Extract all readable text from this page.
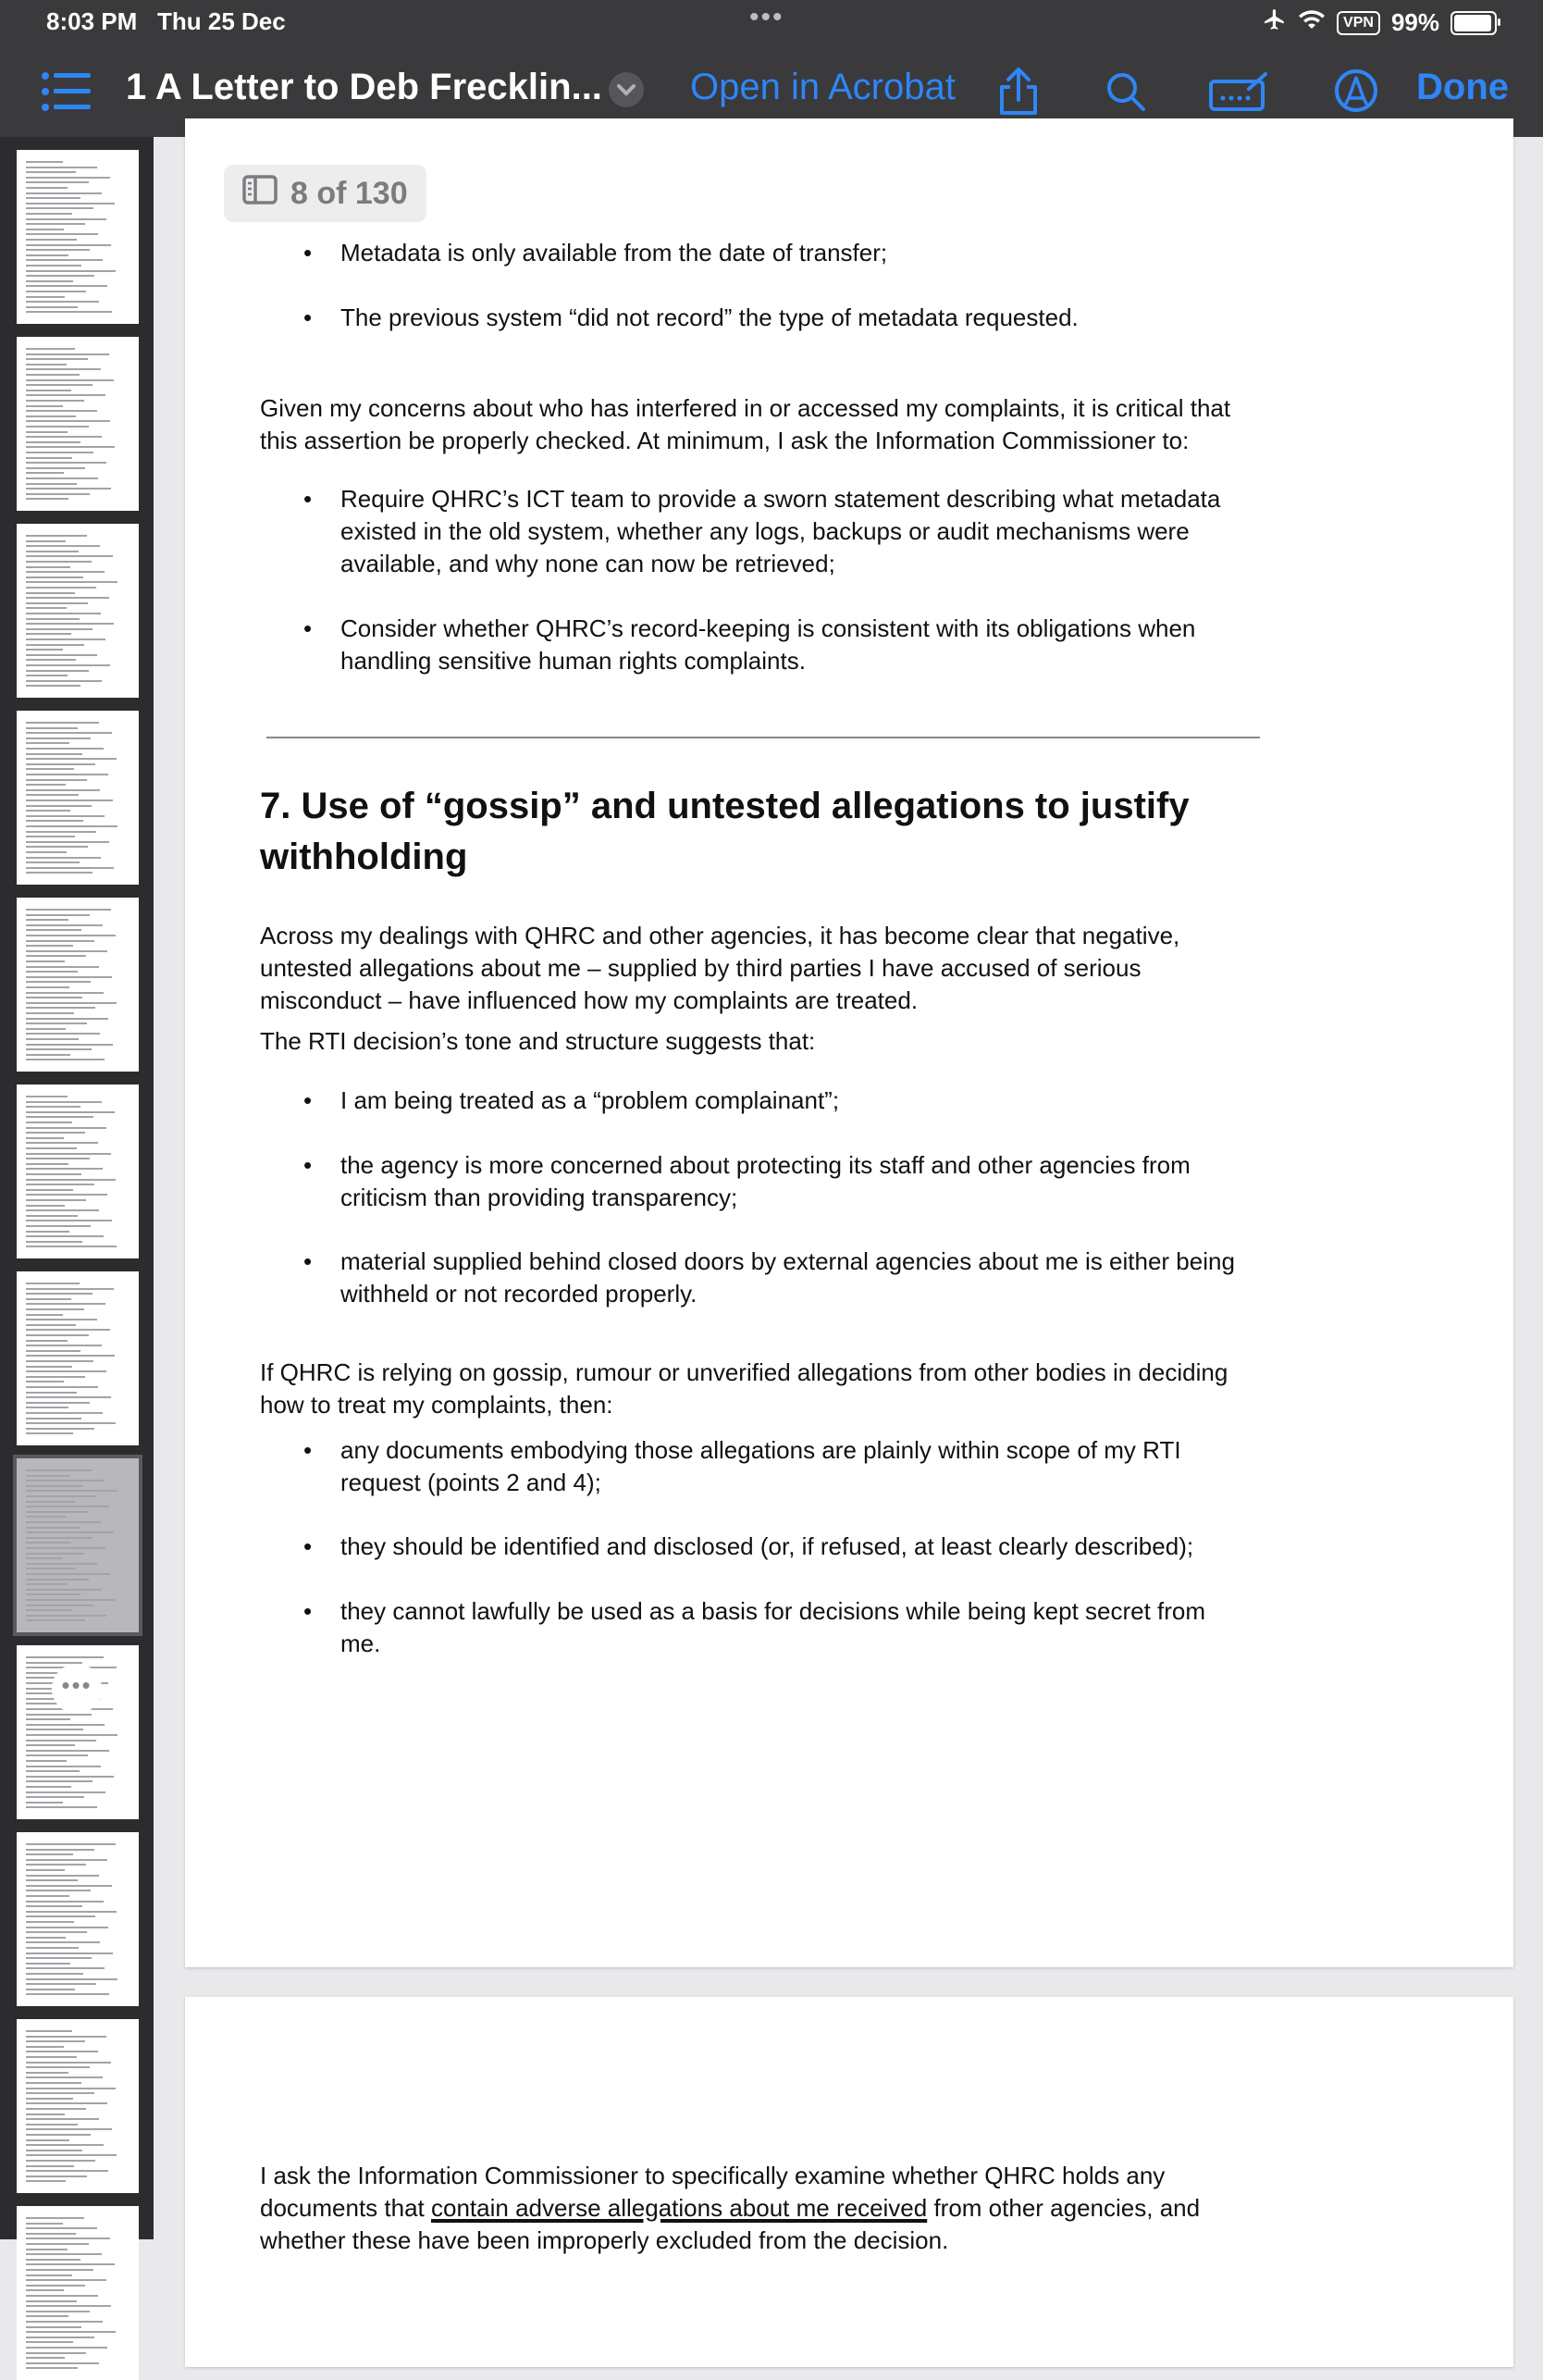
8:03 PM Thu 25 Dec	•••	VPN 99%
1 A Letter to Deb Frecklin... Open in Acrobat	Done
•••
8 of 130
• Metadata is only available from the date of transfer;
• The previous system “did not record” the type of metadata requested.
Given my concerns about who has interfered in or accessed my complaints, it is critical that
this assertion be properly checked. At minimum, I ask the Information Commissioner to:
• Require QHRC’s ICT team to provide a sworn statement describing what metadata
existed in the old system, whether any logs, backups or audit mechanisms were
available, and why none can now be retrieved;
• Consider whether QHRC’s record-keeping is consistent with its obligations when
handling sensitive human rights complaints.
7. Use of “gossip” and untested allegations to justify
withholding
Across my dealings with QHRC and other agencies, it has become clear that negative,
untested allegations about me – supplied by third parties I have accused of serious
misconduct – have influenced how my complaints are treated.
The RTI decision’s tone and structure suggests that:
• I am being treated as a “problem complainant”;
• the agency is more concerned about protecting its staff and other agencies from
criticism than providing transparency;
• material supplied behind closed doors by external agencies about me is either being
withheld or not recorded properly.
If QHRC is relying on gossip, rumour or unverified allegations from other bodies in deciding
how to treat my complaints, then:
• any documents embodying those allegations are plainly within scope of my RTI
request (points 2 and 4);
• they should be identified and disclosed (or, if refused, at least clearly described);
• they cannot lawfully be used as a basis for decisions while being kept secret from
me.
I ask the Information Commissioner to specifically examine whether QHRC holds any
documents that contain adverse allegations about me received from other agencies, and
whether these have been improperly excluded from the decision.
